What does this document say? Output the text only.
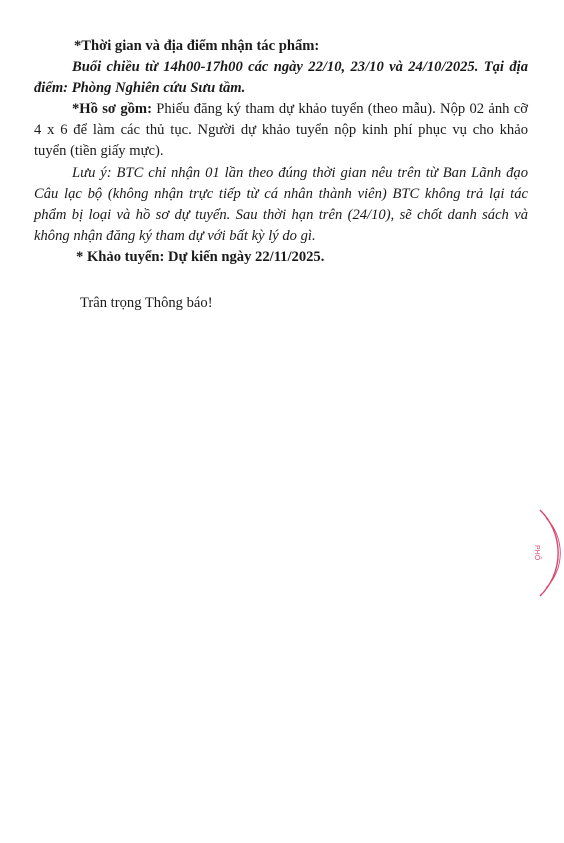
*Thời gian và địa điểm nhận tác phẩm:
Buổi chiều từ 14h00-17h00 các ngày 22/10, 23/10 và 24/10/2025. Tại địa
điểm: Phòng Nghiên cứu Sưu tầm.
*Hồ sơ gồm: Phiếu đăng ký tham dự khảo tuyển (theo mẫu). Nộp 02 ảnh cỡ
4 x 6 để làm các thủ tục. Người dự khảo tuyển nộp kinh phí phục vụ cho khảo
tuyển (tiền giấy mực).
Lưu ý: BTC chỉ nhận 01 lần theo đúng thời gian nêu trên từ Ban Lãnh đạo
Câu lạc bộ (không nhận trực tiếp từ cá nhân thành viên) BTC không trả lại tác
phẩm bị loại và hồ sơ dự tuyển. Sau thời hạn trên (24/10), sẽ chốt danh sách và
không nhận đăng ký tham dự với bất kỳ lý do gì.
* Khảo tuyển: Dự kiến ngày 22/11/2025.
Trân trọng Thông báo!
PHỐ
